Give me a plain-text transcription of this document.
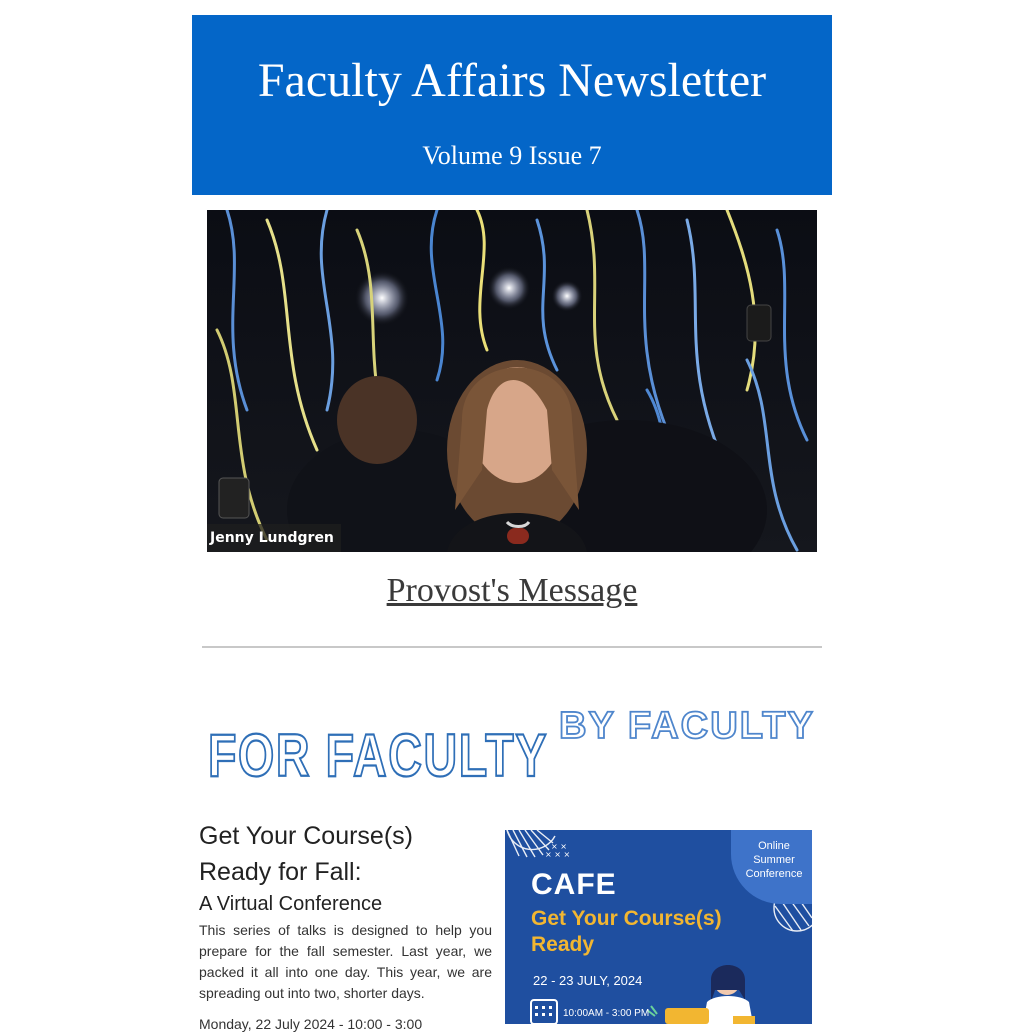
Faculty Affairs Newsletter
Volume 9 Issue 7
Jenny Lundgren
Provost's Message
FOR FACULTY BY FACULTY
Get Your Course(s)
Ready for Fall:
A Virtual Conference

This series of talks is designed to help you prepare for the fall semester. Last year, we packed it all into one day. This year, we are spreading out into two, shorter days.

Monday, 22 July 2024 - 10:00 - 3:00
× ×
× × ×
Online Summer Conference
CAFE
Get Your Course(s) Ready
22 - 23 JULY, 2024
10:00AM - 3:00 PM
